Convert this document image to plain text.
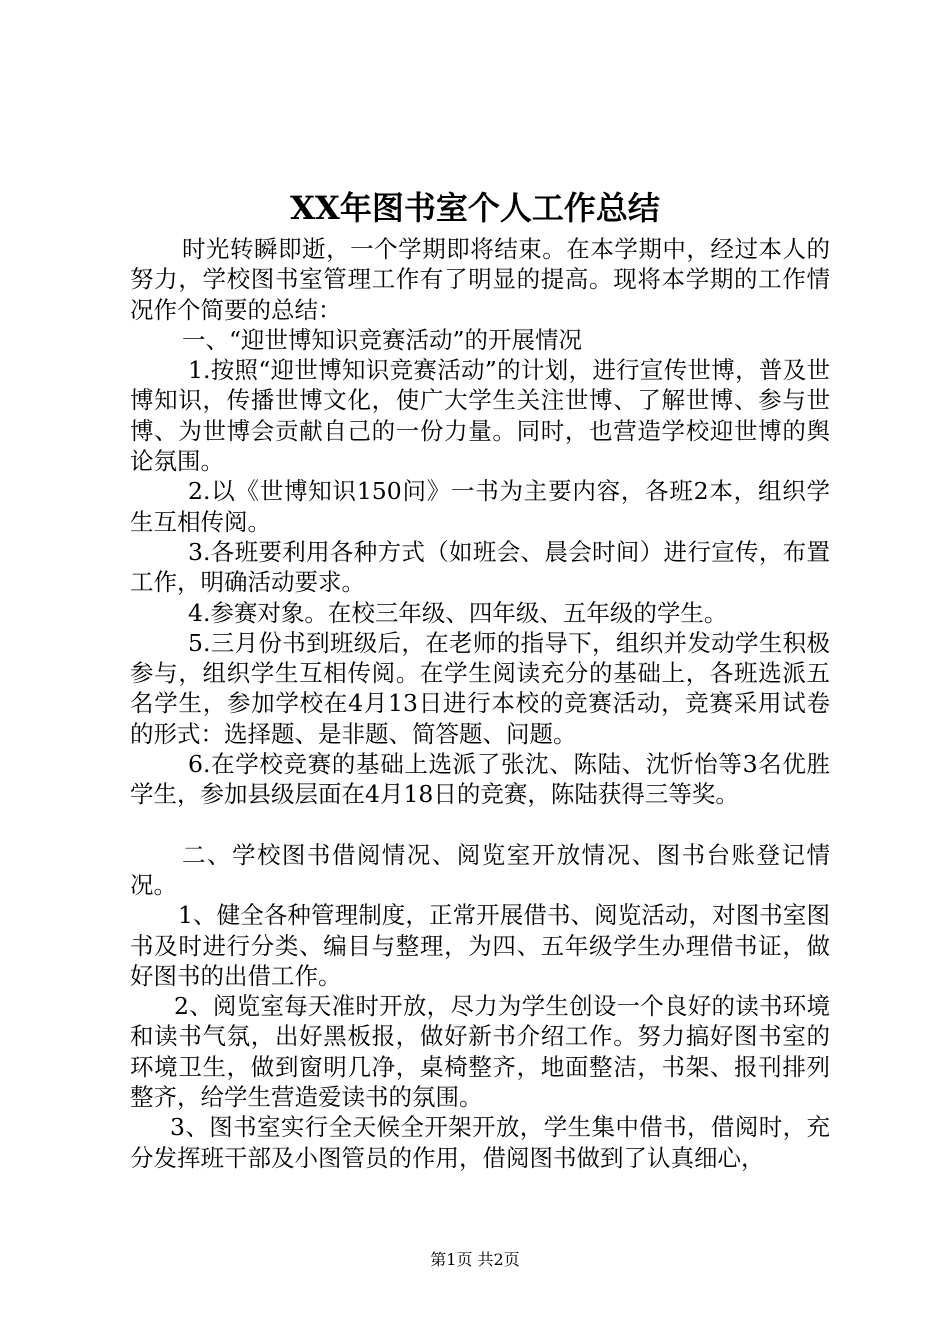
XX年图书室个人工作总结

时光转瞬即逝，一个学期即将结束。在本学期中，经过本人的努力，学校图书室管理工作有了明显的提高。现将本学期的工作情况作个简要的总结：

一、“迎世博知识竞赛活动”的开展情况

1.按照“迎世博知识竞赛活动”的计划，进行宣传世博，普及世博知识，传播世博文化，使广大学生关注世博、了解世博、参与世博、为世博会贡献自己的一份力量。同时，也营造学校迎世博的舆论氛围。

2.以《世博知识150问》一书为主要内容，各班2本，组织学生互相传阅。

3.各班要利用各种方式（如班会、晨会时间）进行宣传，布置工作，明确活动要求。

4.参赛对象。在校三年级、四年级、五年级的学生。

5.三月份书到班级后，在老师的指导下，组织并发动学生积极参与，组织学生互相传阅。在学生阅读充分的基础上，各班选派五名学生，参加学校在4月13日进行本校的竞赛活动，竞赛采用试卷的形式：选择题、是非题、简答题、问题。

6.在学校竞赛的基础上选派了张沈、陈陆、沈忻怡等3名优胜学生，参加县级层面在4月18日的竞赛，陈陆获得三等奖。

二、学校图书借阅情况、阅览室开放情况、图书台账登记情况。

1、健全各种管理制度，正常开展借书、阅览活动，对图书室图书及时进行分类、编目与整理，为四、五年级学生办理借书证，做好图书的出借工作。

2、阅览室每天准时开放，尽力为学生创设一个良好的读书环境和读书气氛，出好黑板报，做好新书介绍工作。努力搞好图书室的环境卫生，做到窗明几净，桌椅整齐，地面整洁，书架、报刊排列整齐，给学生营造爱读书的氛围。

3、图书室实行全天候全开架开放，学生集中借书，借阅时，充分发挥班干部及小图管员的作用，借阅图书做到了认真细心，

第1页 共2页
